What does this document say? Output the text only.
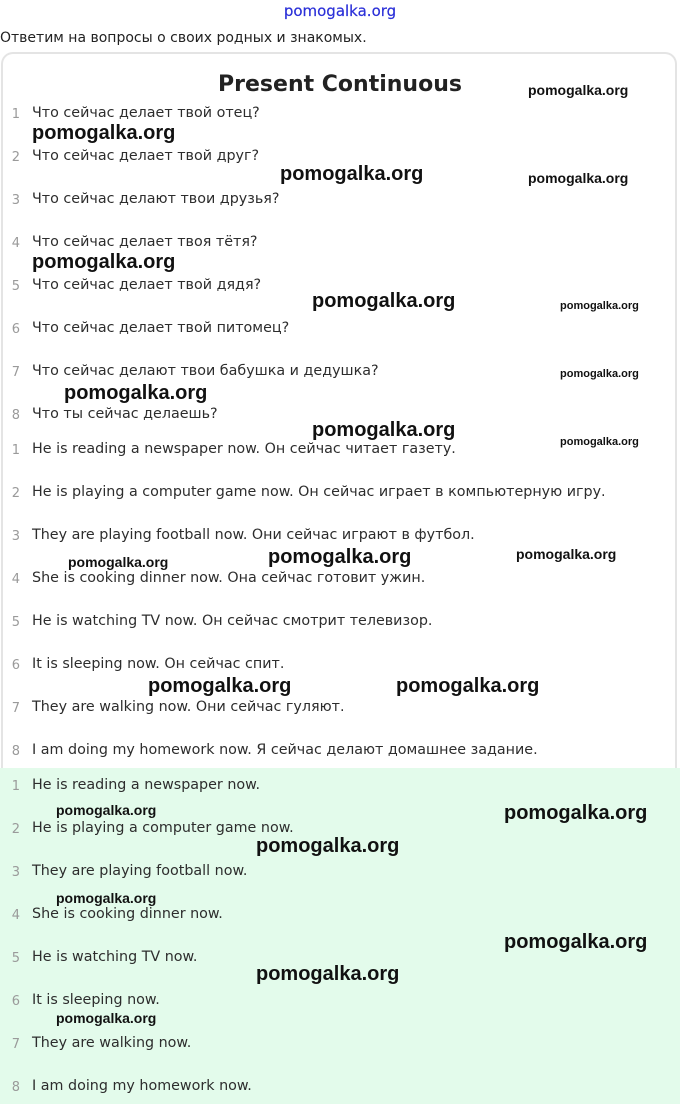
pomogalka.org
Ответим на вопросы о своих родных и знакомых.
Present Continuous
1 Что сейчас делает твой отец?
2 Что сейчас делает твой друг?
3 Что сейчас делают твои друзья?
4 Что сейчас делает твоя тётя?
5 Что сейчас делает твой дядя?
6 Что сейчас делает твой питомец?
7 Что сейчас делают твои бабушка и дедушка?
8 Что ты сейчас делаешь?
1 He is reading a newspaper now. Он сейчас читает газету.
2 He is playing a computer game now. Он сейчас играет в компьютерную игру.
3 They are playing football now. Они сейчас играют в футбол.
4 She is cooking dinner now. Она сейчас готовит ужин.
5 He is watching TV now. Он сейчас смотрит телевизор.
6 It is sleeping now. Он сейчас спит.
7 They are walking now. Они сейчас гуляют.
8 I am doing my homework now. Я сейчас делают домашнее задание.
1 He is reading a newspaper now.
2 He is playing a computer game now.
3 They are playing football now.
4 She is cooking dinner now.
5 He is watching TV now.
6 It is sleeping now.
7 They are walking now.
8 I am doing my homework now.
pomogalka.org
pomogalka.org
pomogalka.org	pomogalka.org
pomogalka.org
pomogalka.org	pomogalka.org
pomogalka.org
pomogalka.org
pomogalka.org
pomogalka.org
pomogalka.org	pomogalka.org
pomogalka.org
pomogalka.org	pomogalka.org
pomogalka.org	pomogalka.org
pomogalka.org
pomogalka.org
pomogalka.org
pomogalka.org
pomogalka.org
